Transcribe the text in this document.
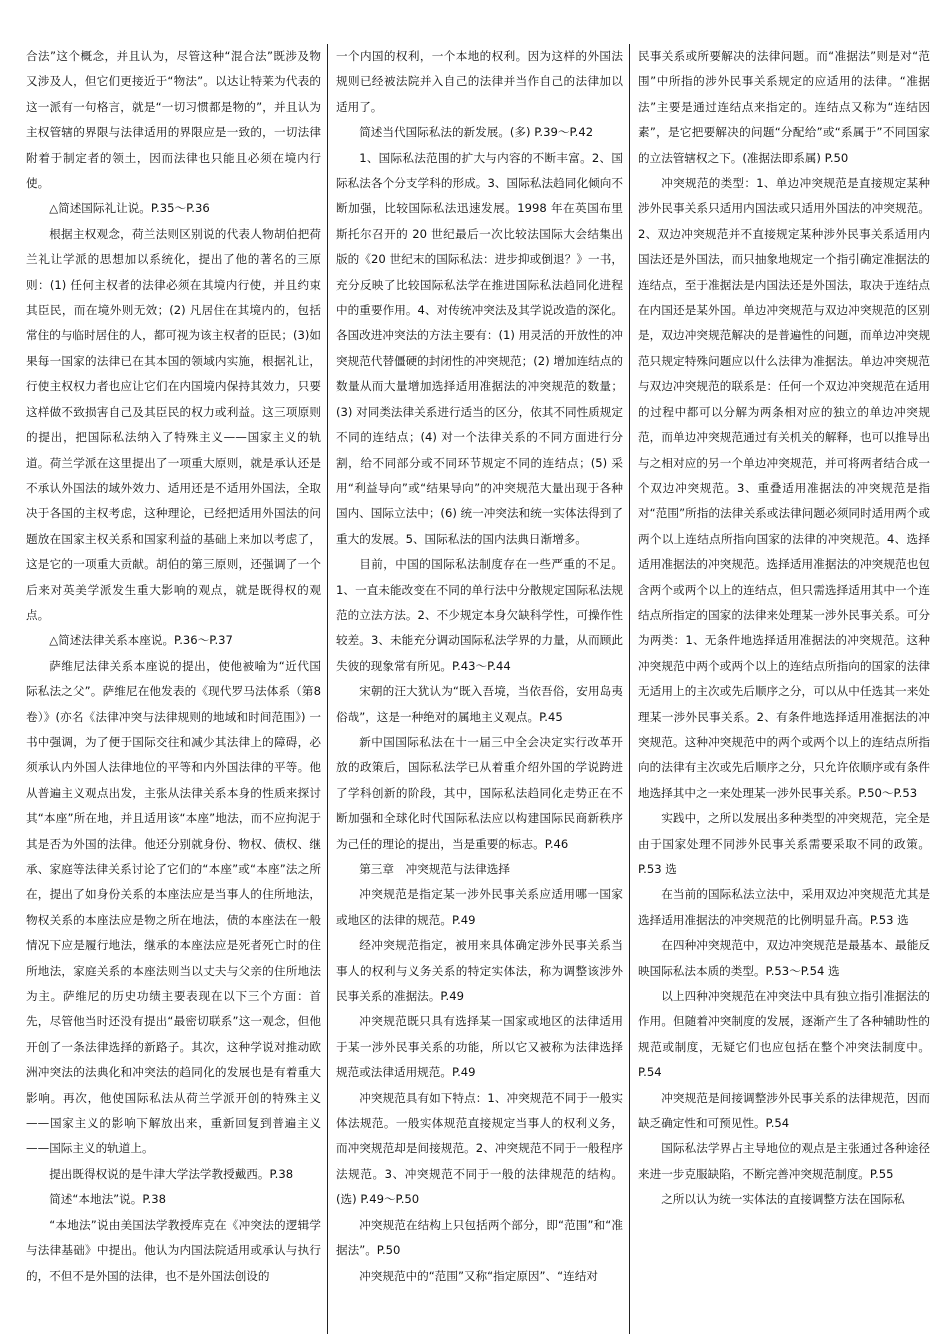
合法”这个概念，并且认为，尽管这种“混合法”既涉及物又涉及人，但它们更接近于“物法”。以达让特莱为代表的这一派有一句格言，就是“一切习惯都是物的”，并且认为主权管辖的界限与法律适用的界限应是一致的，一切法律附着于制定者的领土，因而法律也只能且必须在境内行使。

△简述国际礼让说。P.35～P.36

根据主权观念，荷兰法则区别说的代表人物胡伯把荷兰礼让学派的思想加以系统化，提出了他的著名的三原则：(1) 任何主权者的法律必须在其境内行使，并且约束其臣民，而在境外则无效；(2) 凡居住在其境内的，包括常住的与临时居住的人，都可视为该主权者的臣民；(3)如果每一国家的法律已在其本国的领域内实施，根据礼让，行使主权权力者也应让它们在内国境内保持其效力，只要这样做不致损害自己及其臣民的权力或利益。这三项原则的提出，把国际私法纳入了特殊主义——国家主义的轨道。荷兰学派在这里提出了一项重大原则，就是承认还是不承认外国法的域外效力、适用还是不适用外国法，全取决于各国的主权考虑，这种理论，已经把适用外国法的问题放在国家主权关系和国家利益的基础上来加以考虑了，这是它的一项重大贡献。胡伯的第三原则，还强调了一个后来对英美学派发生重大影响的观点，就是既得权的观点。

△简述法律关系本座说。P.36～P.37

萨维尼法律关系本座说的提出，使他被喻为“近代国际私法之父”。萨维尼在他发表的《现代罗马法体系（第8卷）》(亦名《法律冲突与法律规则的地域和时间范围》) 一书中强调，为了便于国际交往和减少其法律上的障碍，必须承认内外国人法律地位的平等和内外国法律的平等。他从普遍主义观点出发，主张从法律关系本身的性质来探讨其“本座”所在地，并且适用该“本座”地法，而不应拘泥于其是否为外国的法律。他还分别就身份、物权、债权、继承、家庭等法律关系讨论了它们的“本座”或“本座”法之所在，提出了如身份关系的本座法应是当事人的住所地法，物权关系的本座法应是物之所在地法，债的本座法在一般情况下应是履行地法，继承的本座法应是死者死亡时的住所地法，家庭关系的本座法则当以丈夫与父亲的住所地法为主。萨维尼的历史功绩主要表现在以下三个方面：首先，尽管他当时还没有提出“最密切联系”这一观念，但他开创了一条法律选择的新路子。其次，这种学说对推动欧洲冲突法的法典化和冲突法的趋同化的发展也是有着重大影响。再次，他使国际私法从荷兰学派开创的特殊主义——国家主义的影响下解放出来，重新回复到普遍主义——国际主义的轨道上。

提出既得权说的是牛津大学法学教授戴西。P.38

简述“本地法”说。P.38

“本地法”说由美国法学教授库克在《冲突法的逻辑学与法律基础》中提出。他认为内国法院适用或承认与执行的，不但不是外国的法律，也不是外国法创设的

一个内国的权利，一个本地的权利。因为这样的外国法规则已经被法院并入自己的法律并当作自己的法律加以适用了。

简述当代国际私法的新发展。(多) P.39～P.42

1、国际私法范围的扩大与内容的不断丰富。2、国际私法各个分支学科的形成。3、国际私法趋同化倾向不断加强，比较国际私法迅速发展。1998 年在英国布里斯托尔召开的 20 世纪最后一次比较法国际大会结集出版的《20 世纪末的国际私法：进步抑或倒退？》一书，充分反映了比较国际私法学在推进国际私法趋同化进程中的重要作用。4、对传统冲突法及其学说改造的深化。各国改进冲突法的方法主要有：(1) 用灵活的开放性的冲突规范代替僵硬的封闭性的冲突规范；(2) 增加连结点的数量从而大量增加选择适用准据法的冲突规范的数量；(3) 对同类法律关系进行适当的区分，依其不同性质规定不同的连结点；(4) 对一个法律关系的不同方面进行分割，给不同部分或不同环节规定不同的连结点；(5) 采用“利益导向”或“结果导向”的冲突规范大量出现于各种国内、国际立法中；(6) 统一冲突法和统一实体法得到了重大的发展。5、国际私法的国内法典日渐增多。

目前，中国的国际私法制度存在一些严重的不足。1、一直未能改变在不同的单行法中分散规定国际私法规范的立法方法。2、不少规定本身欠缺科学性，可操作性较差。3、未能充分调动国际私法学界的力量，从而顾此失彼的现象常有所见。P.43～P.44

宋朝的汪大犹认为“既入吾境，当依吾俗，安用岛夷俗哉”，这是一种绝对的属地主义观点。P.45

新中国国际私法在十一届三中全会决定实行改革开放的政策后，国际私法学已从着重介绍外国的学说跨进了学科创新的阶段，其中，国际私法趋同化走势正在不断加强和全球化时代国际私法应以构建国际民商新秩序为己任的理论的提出，当是重要的标志。P.46

第三章　冲突规范与法律选择

冲突规范是指定某一涉外民事关系应适用哪一国家或地区的法律的规范。P.49

经冲突规范指定，被用来具体确定涉外民事关系当事人的权利与义务关系的特定实体法，称为调整该涉外民事关系的准据法。P.49

冲突规范既只具有选择某一国家或地区的法律适用于某一涉外民事关系的功能，所以它又被称为法律选择规范或法律适用规范。P.49

冲突规范具有如下特点：1、冲突规范不同于一般实体法规范。一般实体规范直接规定当事人的权利义务，而冲突规范却是间接规范。2、冲突规范不同于一般程序法规范。3、冲突规范不同于一般的法律规范的结构。(选) P.49～P.50

冲突规范在结构上只包括两个部分，即“范围”和“准据法”。P.50

冲突规范中的“范围”又称“指定原因”、“连结对

民事关系或所要解决的法律问题。而“准据法”则是对“范围”中所指的涉外民事关系规定的应适用的法律。“准据法”主要是通过连结点来指定的。连结点又称为“连结因素”，是它把要解决的问题“分配给”或“系属于”不同国家的立法管辖权之下。(准据法即系属) P.50

冲突规范的类型：1、单边冲突规范是直接规定某种涉外民事关系只适用内国法或只适用外国法的冲突规范。2、双边冲突规范并不直接规定某种涉外民事关系适用内国法还是外国法，而只抽象地规定一个指引确定准据法的连结点，至于准据法是内国法还是外国法，取决于连结点在内国还是某外国。单边冲突规范与双边冲突规范的区别是，双边冲突规范解决的是普遍性的问题，而单边冲突规范只规定特殊问题应以什么法律为准据法。单边冲突规范与双边冲突规范的联系是：任何一个双边冲突规范在适用的过程中都可以分解为两条相对应的独立的单边冲突规范，而单边冲突规范通过有关机关的解释，也可以推导出与之相对应的另一个单边冲突规范，并可将两者结合成一个双边冲突规范。3、重叠适用准据法的冲突规范是指对“范围”所指的法律关系或法律问题必须同时适用两个或两个以上连结点所指向国家的法律的冲突规范。4、选择适用准据法的冲突规范。选择适用准据法的冲突规范也包含两个或两个以上的连结点，但只需选择适用其中一个连结点所指定的国家的法律来处理某一涉外民事关系。可分为两类：1、无条件地选择适用准据法的冲突规范。这种冲突规范中两个或两个以上的连结点所指向的国家的法律无适用上的主次或先后顺序之分，可以从中任选其一来处理某一涉外民事关系。2、有条件地选择适用准据法的冲突规范。这种冲突规范中的两个或两个以上的连结点所指向的法律有主次或先后顺序之分，只允许依顺序或有条件地选择其中之一来处理某一涉外民事关系。P.50～P.53

实践中，之所以发展出多种类型的冲突规范，完全是由于国家处理不同涉外民事关系需要采取不同的政策。P.53 选

在当前的国际私法立法中，采用双边冲突规范尤其是选择适用准据法的冲突规范的比例明显升高。P.53 选

在四种冲突规范中，双边冲突规范是最基本、最能反映国际私法本质的类型。P.53～P.54 选

以上四种冲突规范在冲突法中具有独立指引准据法的作用。但随着冲突制度的发展，逐渐产生了各种辅助性的规范或制度，无疑它们也应包括在整个冲突法制度中。P.54

冲突规范是间接调整涉外民事关系的法律规范，因而缺乏确定性和可预见性。P.54

国际私法学界占主导地位的观点是主张通过各种途径来进一步克服缺陷，不断完善冲突规范制度。P.55

之所以认为统一实体法的直接调整方法在国际私
